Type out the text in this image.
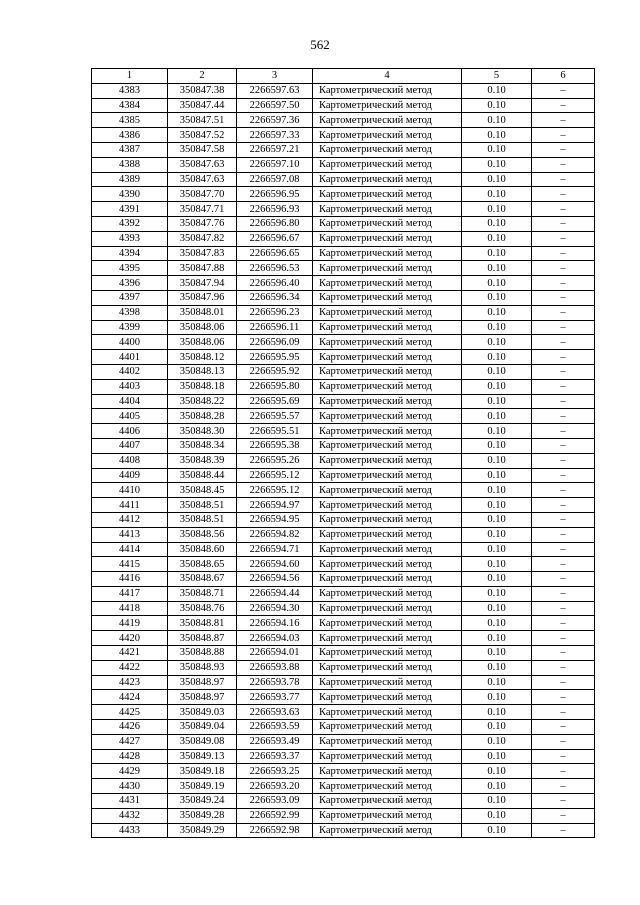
562
1	2	3	4	5	6
4383	350847.38	2266597.63	Картометрический метод	0.10	–
4384	350847.44	2266597.50	Картометрический метод	0.10	–
4385	350847.51	2266597.36	Картометрический метод	0.10	–
4386	350847.52	2266597.33	Картометрический метод	0.10	–
4387	350847.58	2266597.21	Картометрический метод	0.10	–
4388	350847.63	2266597.10	Картометрический метод	0.10	–
4389	350847.63	2266597.08	Картометрический метод	0.10	–
4390	350847.70	2266596.95	Картометрический метод	0.10	–
4391	350847.71	2266596.93	Картометрический метод	0.10	–
4392	350847.76	2266596.80	Картометрический метод	0.10	–
4393	350847.82	2266596.67	Картометрический метод	0.10	–
4394	350847.83	2266596.65	Картометрический метод	0.10	–
4395	350847.88	2266596.53	Картометрический метод	0.10	–
4396	350847.94	2266596.40	Картометрический метод	0.10	–
4397	350847.96	2266596.34	Картометрический метод	0.10	–
4398	350848.01	2266596.23	Картометрический метод	0.10	–
4399	350848.06	2266596.11	Картометрический метод	0.10	–
4400	350848.06	2266596.09	Картометрический метод	0.10	–
4401	350848.12	2266595.95	Картометрический метод	0.10	–
4402	350848.13	2266595.92	Картометрический метод	0.10	–
4403	350848.18	2266595.80	Картометрический метод	0.10	–
4404	350848.22	2266595.69	Картометрический метод	0.10	–
4405	350848.28	2266595.57	Картометрический метод	0.10	–
4406	350848.30	2266595.51	Картометрический метод	0.10	–
4407	350848.34	2266595.38	Картометрический метод	0.10	–
4408	350848.39	2266595.26	Картометрический метод	0.10	–
4409	350848.44	2266595.12	Картометрический метод	0.10	–
4410	350848.45	2266595.12	Картометрический метод	0.10	–
4411	350848.51	2266594.97	Картометрический метод	0.10	–
4412	350848.51	2266594.95	Картометрический метод	0.10	–
4413	350848.56	2266594.82	Картометрический метод	0.10	–
4414	350848.60	2266594.71	Картометрический метод	0.10	–
4415	350848.65	2266594.60	Картометрический метод	0.10	–
4416	350848.67	2266594.56	Картометрический метод	0.10	–
4417	350848.71	2266594.44	Картометрический метод	0.10	–
4418	350848.76	2266594.30	Картометрический метод	0.10	–
4419	350848.81	2266594.16	Картометрический метод	0.10	–
4420	350848.87	2266594.03	Картометрический метод	0.10	–
4421	350848.88	2266594.01	Картометрический метод	0.10	–
4422	350848.93	2266593.88	Картометрический метод	0.10	–
4423	350848.97	2266593.78	Картометрический метод	0.10	–
4424	350848.97	2266593.77	Картометрический метод	0.10	–
4425	350849.03	2266593.63	Картометрический метод	0.10	–
4426	350849.04	2266593.59	Картометрический метод	0.10	–
4427	350849.08	2266593.49	Картометрический метод	0.10	–
4428	350849.13	2266593.37	Картометрический метод	0.10	–
4429	350849.18	2266593.25	Картометрический метод	0.10	–
4430	350849.19	2266593.20	Картометрический метод	0.10	–
4431	350849.24	2266593.09	Картометрический метод	0.10	–
4432	350849.28	2266592.99	Картометрический метод	0.10	–
4433	350849.29	2266592.98	Картометрический метод	0.10	–
